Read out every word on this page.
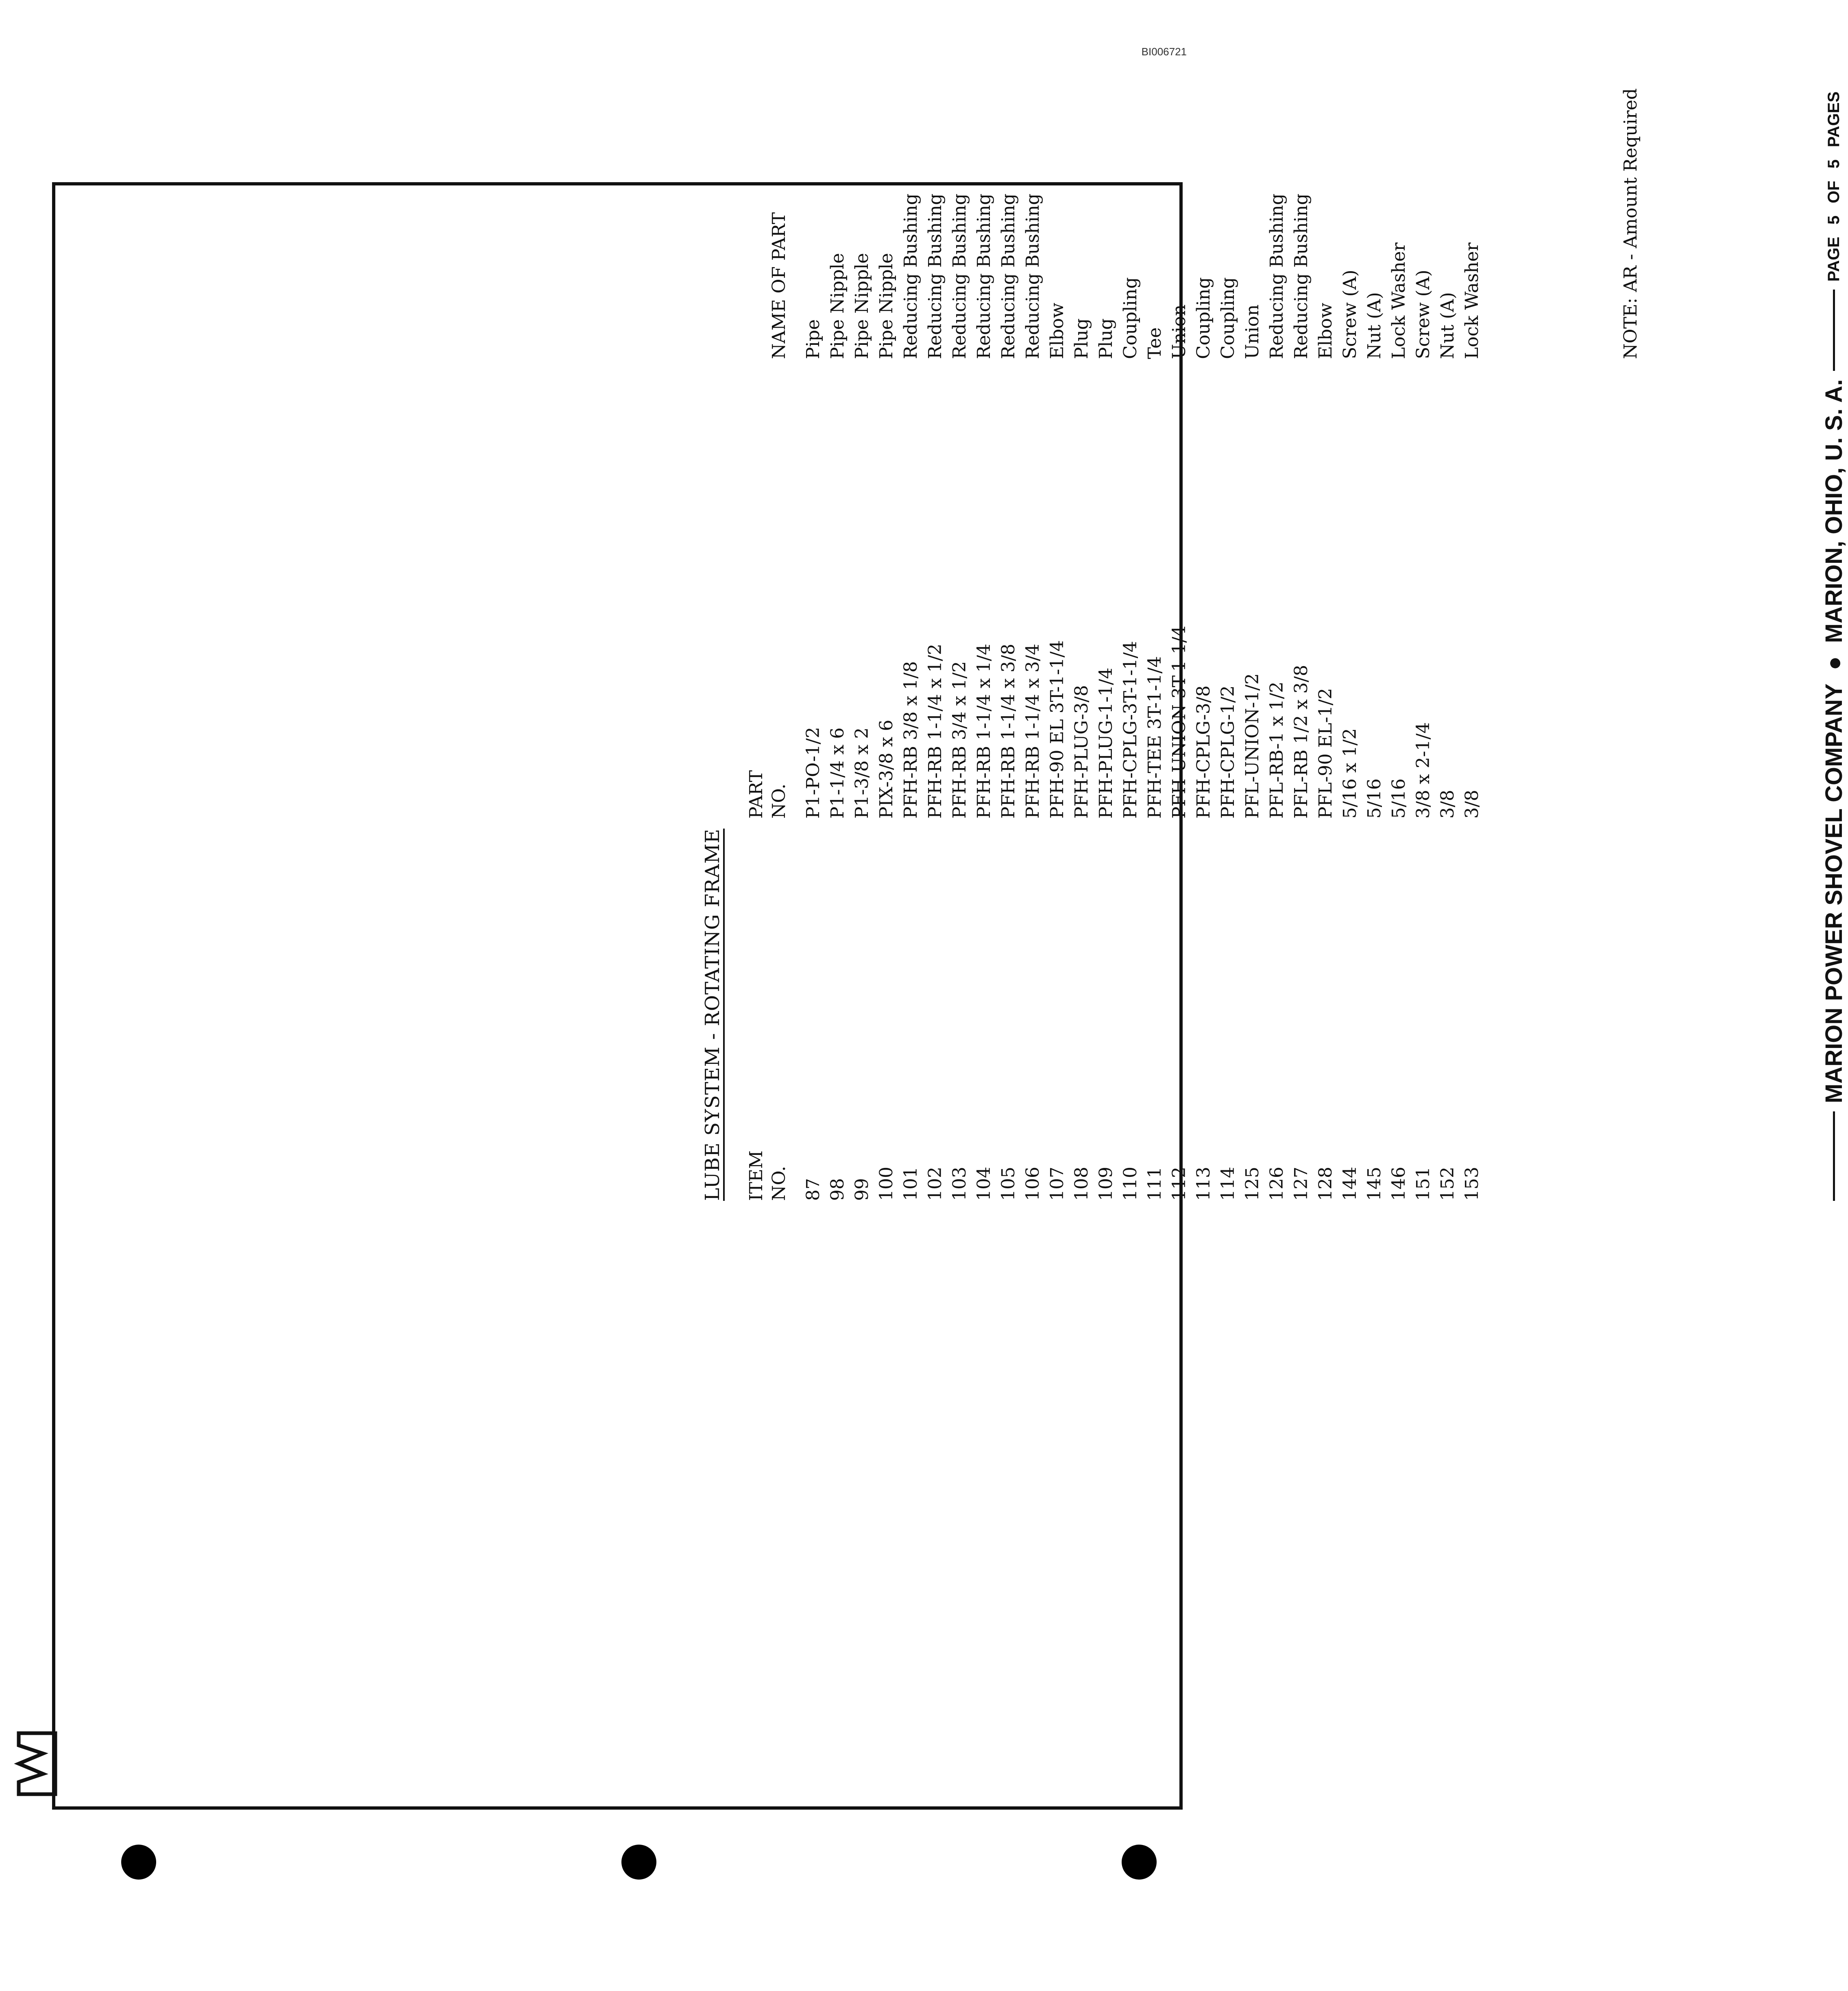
BI006721
LUBE SYSTEM - ROTATING FRAME ITEM NO.
PART NO.
NAME OF PART
87
P1-PO-1/2
Pipe
98
P1-1/4 x 6
Pipe Nipple
99
P1-3/8 x 2
Pipe Nipple
100
PIX-3/8 x 6
Pipe Nipple
101
PFH-RB 3/8 x 1/8
Reducing Bushing
102
PFH-RB 1-1/4 x 1/2
Reducing Bushing
103
PFH-RB 3/4 x 1/2
Reducing Bushing
104
PFH-RB 1-1/4 x 1/4
Reducing Bushing
105
PFH-RB 1-1/4 x 3/8
Reducing Bushing
106
PFH-RB 1-1/4 x 3/4
Reducing Bushing
107
PFH-90 EL 3T-1-1/4
Elbow
108
PFH-PLUG-3/8
Plug
109
PFH-PLUG-1-1/4
Plug
110
PFH-CPLG-3T-1-1/4
Coupling
111
PFH-TEE 3T-1-1/4
Tee
112
PFH-UNION 3T-1-1/4
Union
113
PFH-CPLG-3/8
Coupling
114
PFH-CPLG-1/2
Coupling
125
PFL-UNION-1/2
Union
126
PFL-RB-1 x 1/2
Reducing Bushing
127
PFL-RB 1/2 x 3/8
Reducing Bushing
128
PFL-90 EL-1/2
Elbow
144
5/16 x 1/2
Screw (A)
145
5/16
Nut (A)
146
5/16
Lock Washer
151
3/8 x 2-1/4
Screw (A)
152
3/8
Nut (A)
153
3/8
Lock Washer	NOTE: AR - Amount Required
MARION POWER SHOVEL COMPANY
●
MARION, OHIO, U. S. A.
PAGE
5
OF
5
PAGES
